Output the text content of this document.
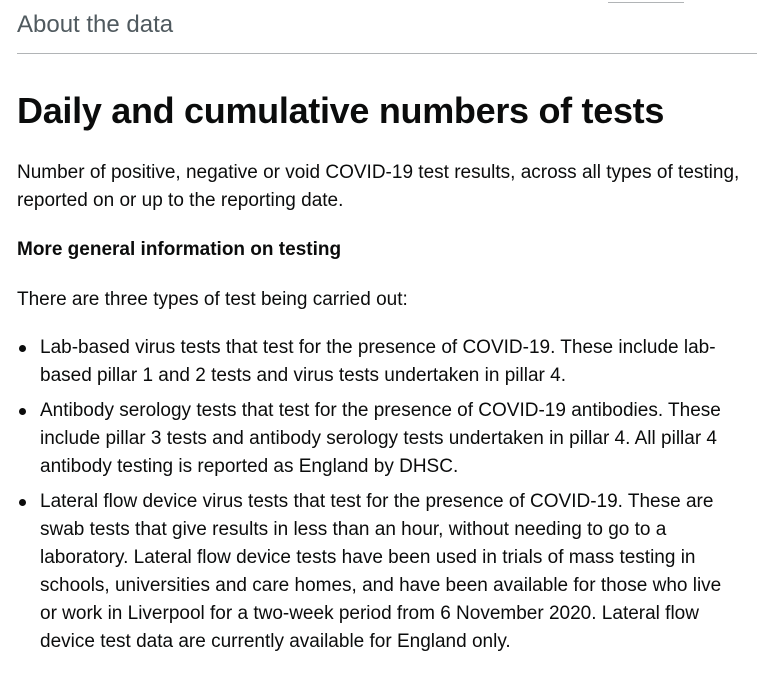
About the data
Daily and cumulative numbers of tests

Number of positive, negative or void COVID-19 test results, across all types of testing, reported on or up to the reporting date.

More general information on testing

There are three types of test being carried out:

Lab-based virus tests that test for the presence of COVID-19. These include lab-based pillar 1 and 2 tests and virus tests undertaken in pillar 4.
Antibody serology tests that test for the presence of COVID-19 antibodies. These include pillar 3 tests and antibody serology tests undertaken in pillar 4. All pillar 4 antibody testing is reported as England by DHSC.
Lateral flow device virus tests that test for the presence of COVID-19. These are swab tests that give results in less than an hour, without needing to go to a laboratory. Lateral flow device tests have been used in trials of mass testing in schools, universities and care homes, and have been available for those who live or work in Liverpool for a two-week period from 6 November 2020. Lateral flow device test data are currently available for England only.
